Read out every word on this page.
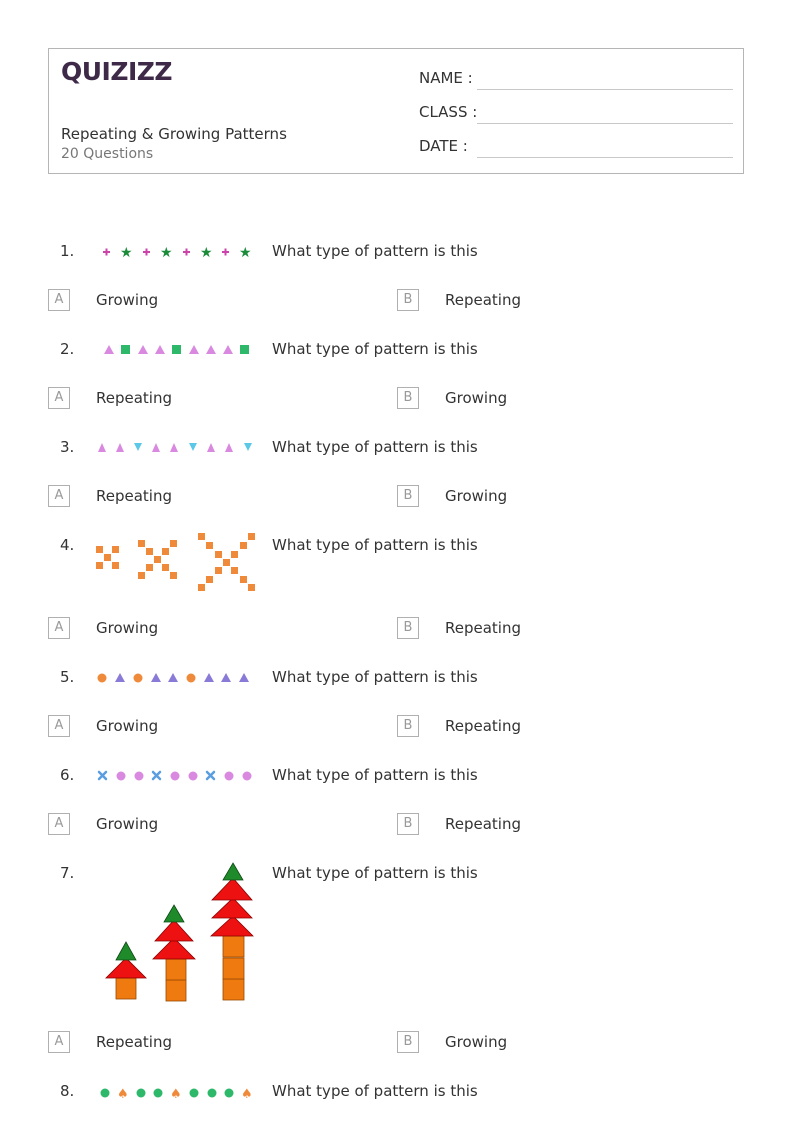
QUIZIZZ
Repeating & Growing Patterns
20 Questions
NAME :
CLASS :
DATE :
1.	★ ★ ★ ★ What type of pattern is this
A	Growing	B	Repeating
2.	What type of pattern is this
A	Repeating	B	Growing
3.	What type of pattern is this
A	Repeating	B	Growing
4.	What type of pattern is this
A	Growing	B	Repeating
5.	What type of pattern is this
A	Growing	B	Repeating
6.	What type of pattern is this
A	Growing	B	Repeating
7.	What type of pattern is this
A	Repeating	B	Growing
8.	♠	♠	♠ What type of pattern is this
